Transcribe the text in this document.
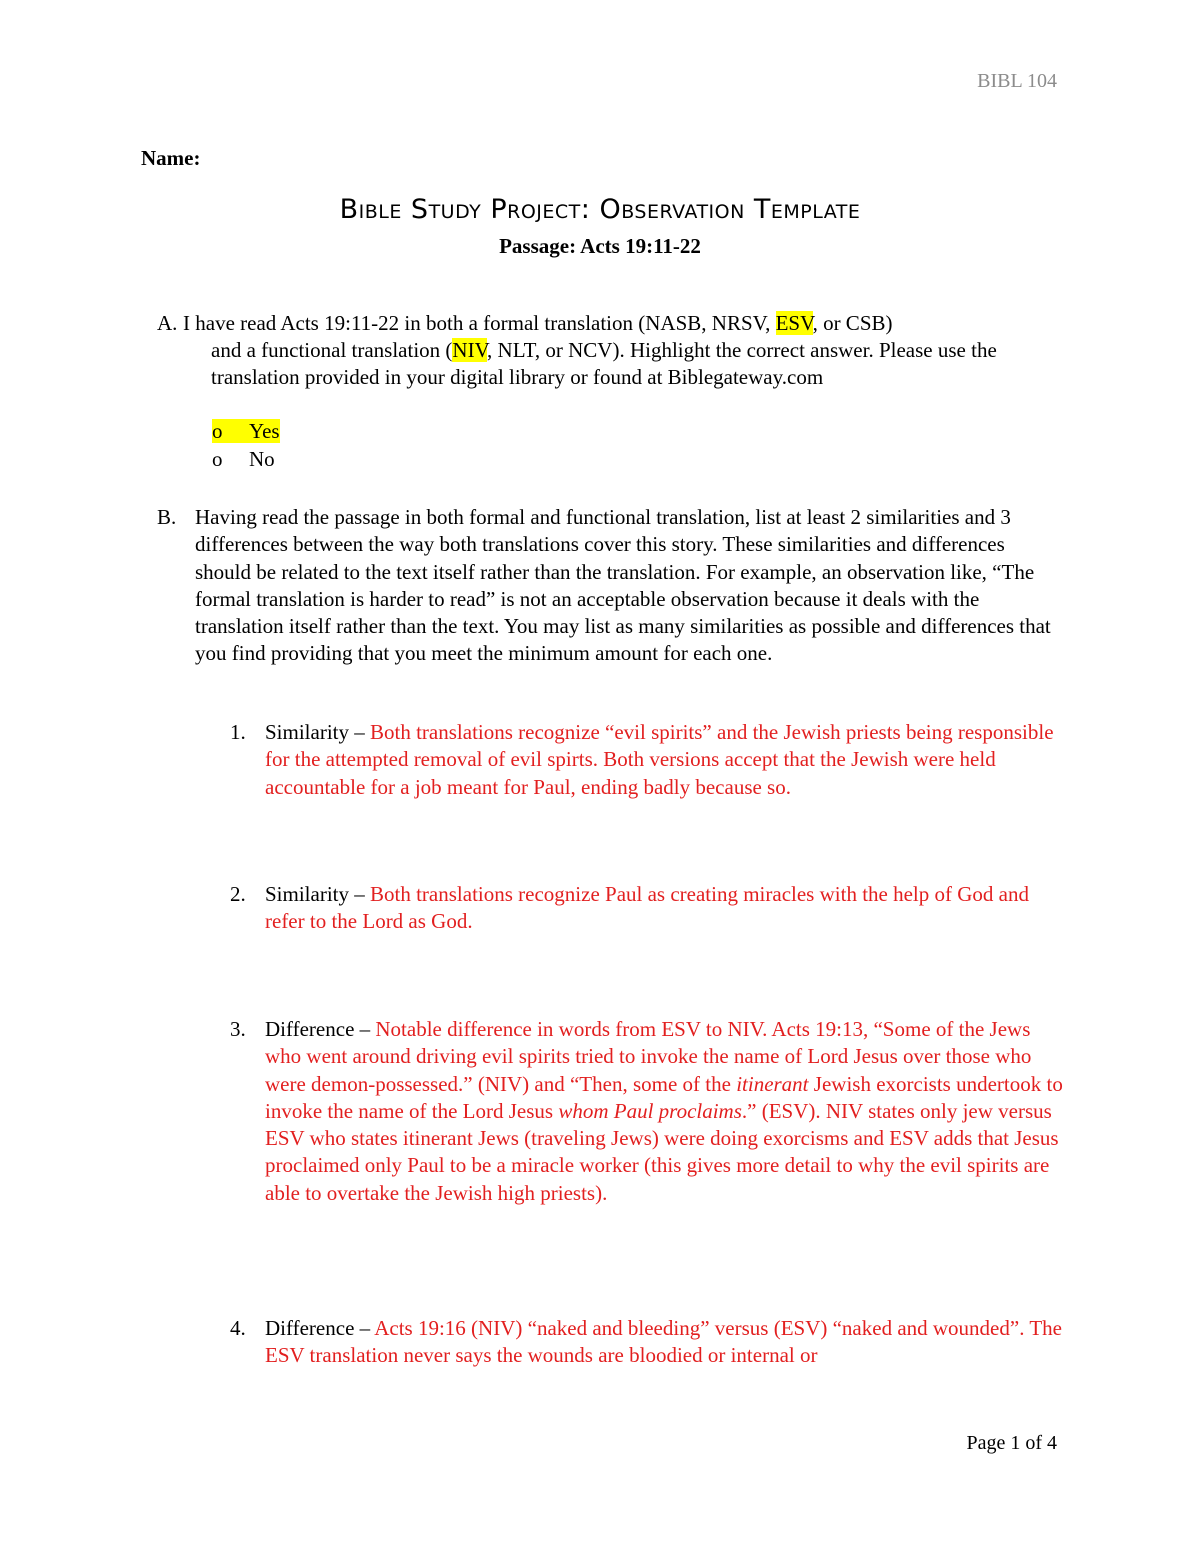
BIBL 104
Name:
Bible Study Project: Observation Template
Passage: Acts 19:11-22
A. I have read Acts 19:11-22 in both a formal translation (NASB, NRSV, ESV, or CSB)

and a functional translation (NIV, NLT, or NCV). Highlight the correct answer. Please use the translation provided in your digital library or found at Biblegateway.com

o Yes
o No
B. Having read the passage in both formal and functional translation, list at least 2 similarities and 3 differences between the way both translations cover this story. These similarities and differences should be related to the text itself rather than the translation. For example, an observation like, “The formal translation is harder to read” is not an acceptable observation because it deals with the translation itself rather than the text. You may list as many similarities as possible and differences that you find providing that you meet the minimum amount for each one.

1. Similarity – Both translations recognize “evil spirits” and the Jewish priests being responsible for the attempted removal of evil spirts. Both versions accept that the Jewish were held accountable for a job meant for Paul, ending badly because so.

2. Similarity – Both translations recognize Paul as creating miracles with the help of God and refer to the Lord as God.

3. Difference – Notable difference in words from ESV to NIV. Acts 19:13, “Some of the Jews who went around driving evil spirits tried to invoke the name of Lord Jesus over those who were demon-possessed.” (NIV) and “Then, some of the itinerant Jewish exorcists undertook to invoke the name of the Lord Jesus whom Paul proclaims.” (ESV). NIV states only jew versus ESV who states itinerant Jews (traveling Jews) were doing exorcisms and ESV adds that Jesus proclaimed only Paul to be a miracle worker (this gives more detail to why the evil spirits are able to overtake the Jewish high priests).

4. Difference – Acts 19:16 (NIV) “naked and bleeding” versus (ESV) “naked and wounded”. The ESV translation never says the wounds are bloodied or internal or

Page 1 of 4
